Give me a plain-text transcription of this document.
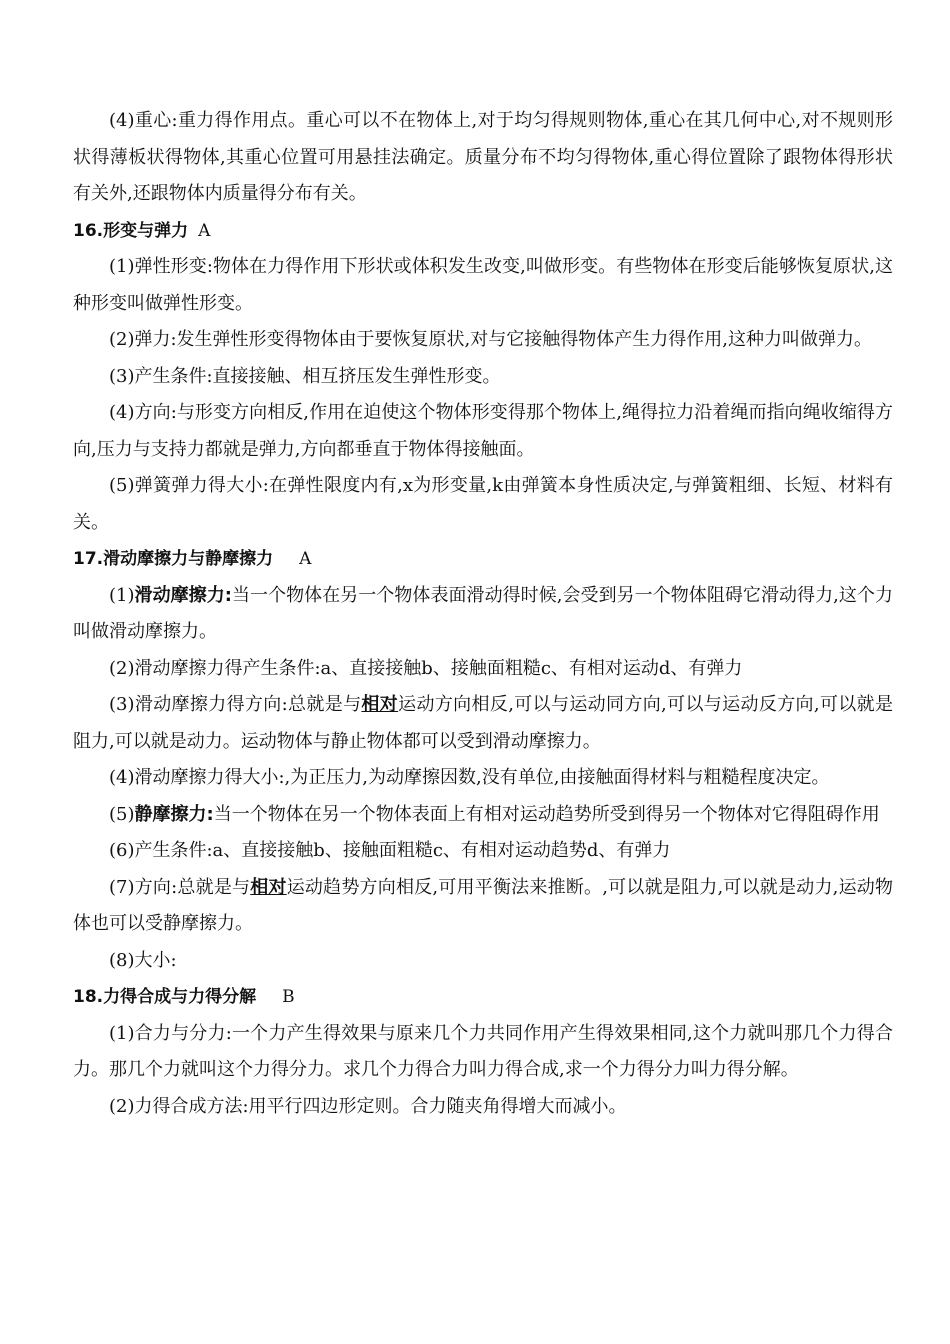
(4)重心:重力得作用点。重心可以不在物体上,对于均匀得规则物体,重心在其几何中心,对不规则形状得薄板状得物体,其重心位置可用悬挂法确定。质量分布不均匀得物体,重心得位置除了跟物体得形状有关外,还跟物体内质量得分布有关。

16.形变与弹力 A

(1)弹性形变:物体在力得作用下形状或体积发生改变,叫做形变。有些物体在形变后能够恢复原状,这种形变叫做弹性形变。

(2)弹力:发生弹性形变得物体由于要恢复原状,对与它接触得物体产生力得作用,这种力叫做弹力。

(3)产生条件:直接接触、相互挤压发生弹性形变。

(4)方向:与形变方向相反,作用在迫使这个物体形变得那个物体上,绳得拉力沿着绳而指向绳收缩得方向,压力与支持力都就是弹力,方向都垂直于物体得接触面。

(5)弹簧弹力得大小:在弹性限度内有,x为形变量,k由弹簧本身性质决定,与弹簧粗细、长短、材料有关。

17.滑动摩擦力与静摩擦力 A

(1)滑动摩擦力:当一个物体在另一个物体表面滑动得时候,会受到另一个物体阻碍它滑动得力,这个力叫做滑动摩擦力。

(2)滑动摩擦力得产生条件:a、直接接触b、接触面粗糙c、有相对运动d、有弹力

(3)滑动摩擦力得方向:总就是与相对运动方向相反,可以与运动同方向,可以与运动反方向,可以就是阻力,可以就是动力。运动物体与静止物体都可以受到滑动摩擦力。

(4)滑动摩擦力得大小:,为正压力,为动摩擦因数,没有单位,由接触面得材料与粗糙程度决定。

(5)静摩擦力:当一个物体在另一个物体表面上有相对运动趋势所受到得另一个物体对它得阻碍作用

(6)产生条件:a、直接接触b、接触面粗糙c、有相对运动趋势d、有弹力

(7)方向:总就是与相对运动趋势方向相反,可用平衡法来推断。,可以就是阻力,可以就是动力,运动物体也可以受静摩擦力。

(8)大小:

18.力得合成与力得分解 B

(1)合力与分力:一个力产生得效果与原来几个力共同作用产生得效果相同,这个力就叫那几个力得合力。那几个力就叫这个力得分力。求几个力得合力叫力得合成,求一个力得分力叫力得分解。

(2)力得合成方法:用平行四边形定则。合力随夹角得增大而减小。
